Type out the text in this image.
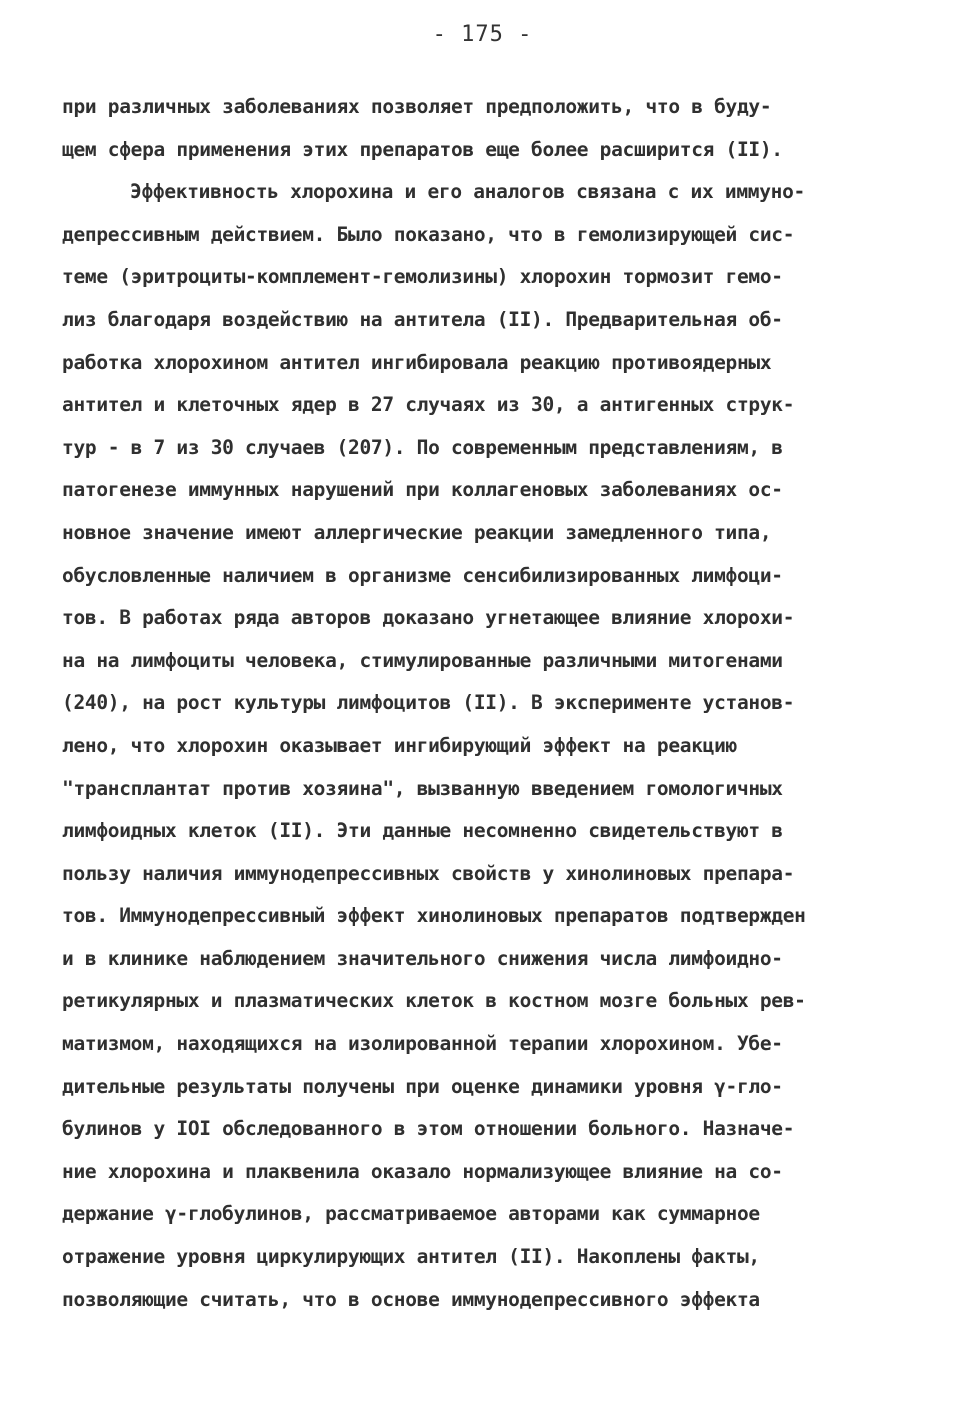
- 175 -
при различных заболеваниях позволяет предположить, что в буду-
щем сфера применения этих препаратов еще более расширится (II).
Эффективность хлорохина и его аналогов связана с их иммуно-
депрессивным действием. Было показано, что в гемолизирующей сис-
теме (эритроциты-комплемент-гемолизины) хлорохин тормозит гемо-
лиз благодаря воздействию на антитела (II). Предварительная об-
работка хлорохином антител ингибировала реакцию противоядерных
антител и клеточных ядер в 27 случаях из 30, а антигенных струк-
тур - в 7 из 30 случаев (207). По современным представлениям, в
патогенезе иммунных нарушений при коллагеновых заболеваниях ос-
новное значение имеют аллергические реакции замедленного типа,
обусловленные наличием в организме сенсибилизированных лимфоци-
тов. В работах ряда авторов доказано угнетающее влияние хлорохи-
на на лимфоциты человека, стимулированные различными митогенами
(240), на рост культуры лимфоцитов (II). В эксперименте установ-
лено, что хлорохин оказывает ингибирующий эффект на реакцию
"трансплантат против хозяина", вызванную введением гомологичных
лимфоидных клеток (II). Эти данные несомненно свидетельствуют в
пользу наличия иммунодепрессивных свойств у хинолиновых препара-
тов. Иммунодепрессивный эффект хинолиновых препаратов подтвержден
и в клинике наблюдением значительного снижения числа лимфоидно-
ретикулярных и плазматических клеток в костном мозге больных рев-
матизмом, находящихся на изолированной терапии хлорохином. Убе-
дительные результаты получены при оценке динамики уровня γ-гло-
булинов у IOI обследованного в этом отношении больного. Назначе-
ние хлорохина и плаквенила оказало нормализующее влияние на со-
держание γ-глобулинов, рассматриваемое авторами как суммарное
отражение уровня циркулирующих антител (II). Накоплены факты,
позволяющие считать, что в основе иммунодепрессивного эффекта
